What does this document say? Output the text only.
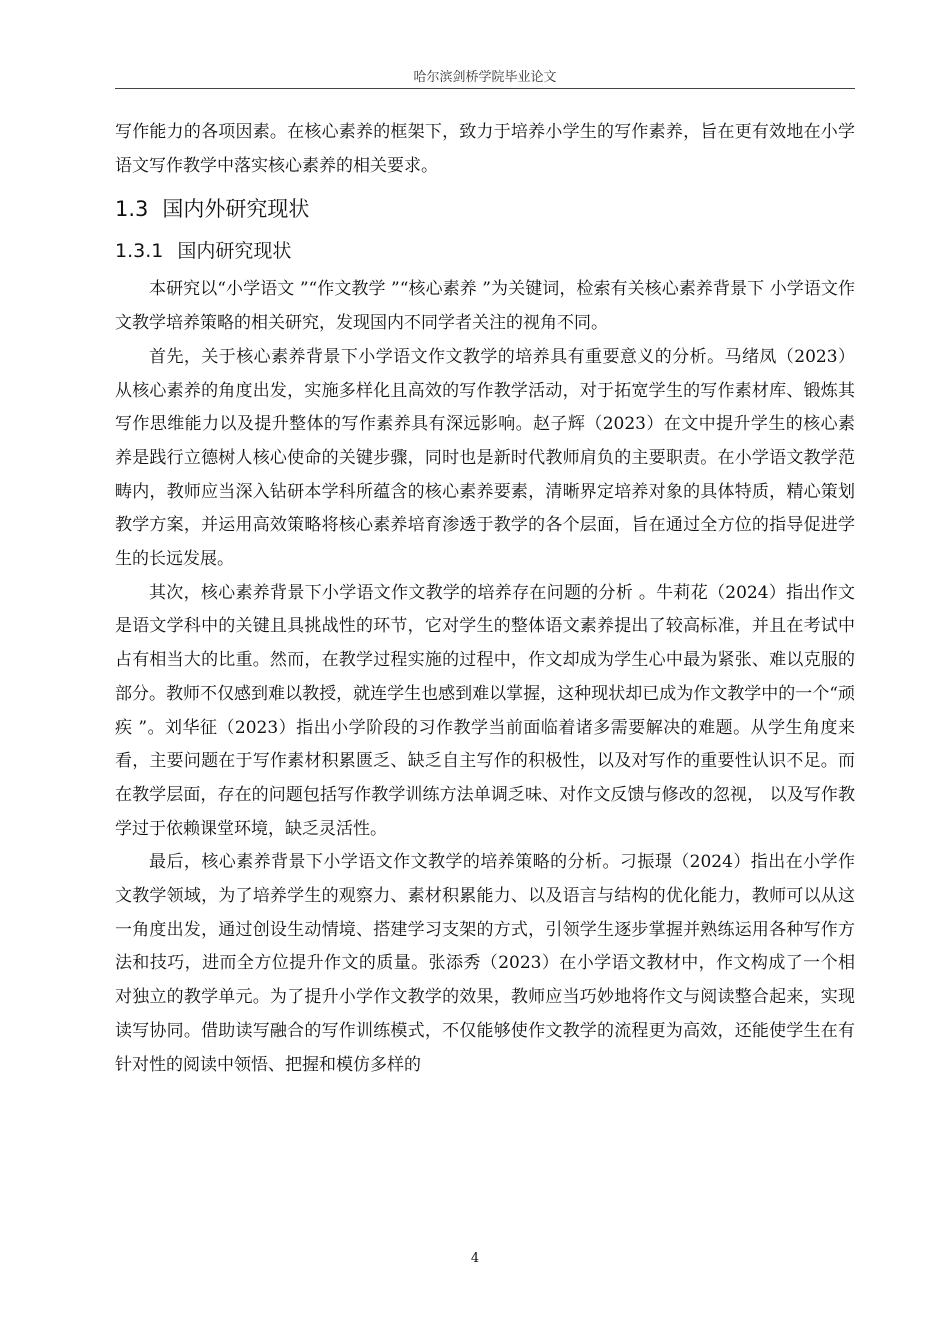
哈尔滨剑桥学院毕业论文

写作能力的各项因素。在核心素养的框架下，致力于培养小学生的写作素养，旨在更有效地在小学语文写作教学中落实核心素养的相关要求。

1.3 国内外研究现状
1.3.1 国内研究现状

本研究以“小学语文 ”“作文教学 ”“核心素养 ”为关键词，检索有关核心素养背景下 小学语文作文教学培养策略的相关研究，发现国内不同学者关注的视角不同。

首先，关于核心素养背景下小学语文作文教学的培养具有重要意义的分析。马绪凤（2023）从核心素养的角度出发，实施多样化且高效的写作教学活动，对于拓宽学生的写作素材库、锻炼其写作思维能力以及提升整体的写作素养具有深远影响。赵子辉（2023）在文中提升学生的核心素养是践行立德树人核心使命的关键步骤，同时也是新时代教师肩负的主要职责。在小学语文教学范畴内，教师应当深入钻研本学科所蕴含的核心素养要素，清晰界定培养对象的具体特质，精心策划教学方案，并运用高效策略将核心素养培育渗透于教学的各个层面，旨在通过全方位的指导促进学生的长远发展。

其次，核心素养背景下小学语文作文教学的培养存在问题的分析 。牛莉花（2024）指出作文是语文学科中的关键且具挑战性的环节，它对学生的整体语文素养提出了较高标准，并且在考试中占有相当大的比重。然而，在教学过程实施的过程中，作文却成为学生心中最为紧张、难以克服的部分。教师不仅感到难以教授，就连学生也感到难以掌握，这种现状却已成为作文教学中的一个“顽疾 ”。刘华征（2023）指出小学阶段的习作教学当前面临着诸多需要解决的难题。从学生角度来看，主要问题在于写作素材积累匮乏、缺乏自主写作的积极性，以及对写作的重要性认识不足。而在教学层面，存在的问题包括写作教学训练方法单调乏味、对作文反馈与修改的忽视， 以及写作教学过于依赖课堂环境，缺乏灵活性。

最后，核心素养背景下小学语文作文教学的培养策略的分析。刁振璟（2024）指出在小学作文教学领域，为了培养学生的观察力、素材积累能力、以及语言与结构的优化能力，教师可以从这一角度出发，通过创设生动情境、搭建学习支架的方式，引领学生逐步掌握并熟练运用各种写作方法和技巧，进而全方位提升作文的质量。张添秀（2023）在小学语文教材中，作文构成了一个相对独立的教学单元。为了提升小学作文教学的效果，教师应当巧妙地将作文与阅读整合起来，实现读写协同。借助读写融合的写作训练模式，不仅能够使作文教学的流程更为高效，还能使学生在有针对性的阅读中领悟、把握和模仿多样的

4
